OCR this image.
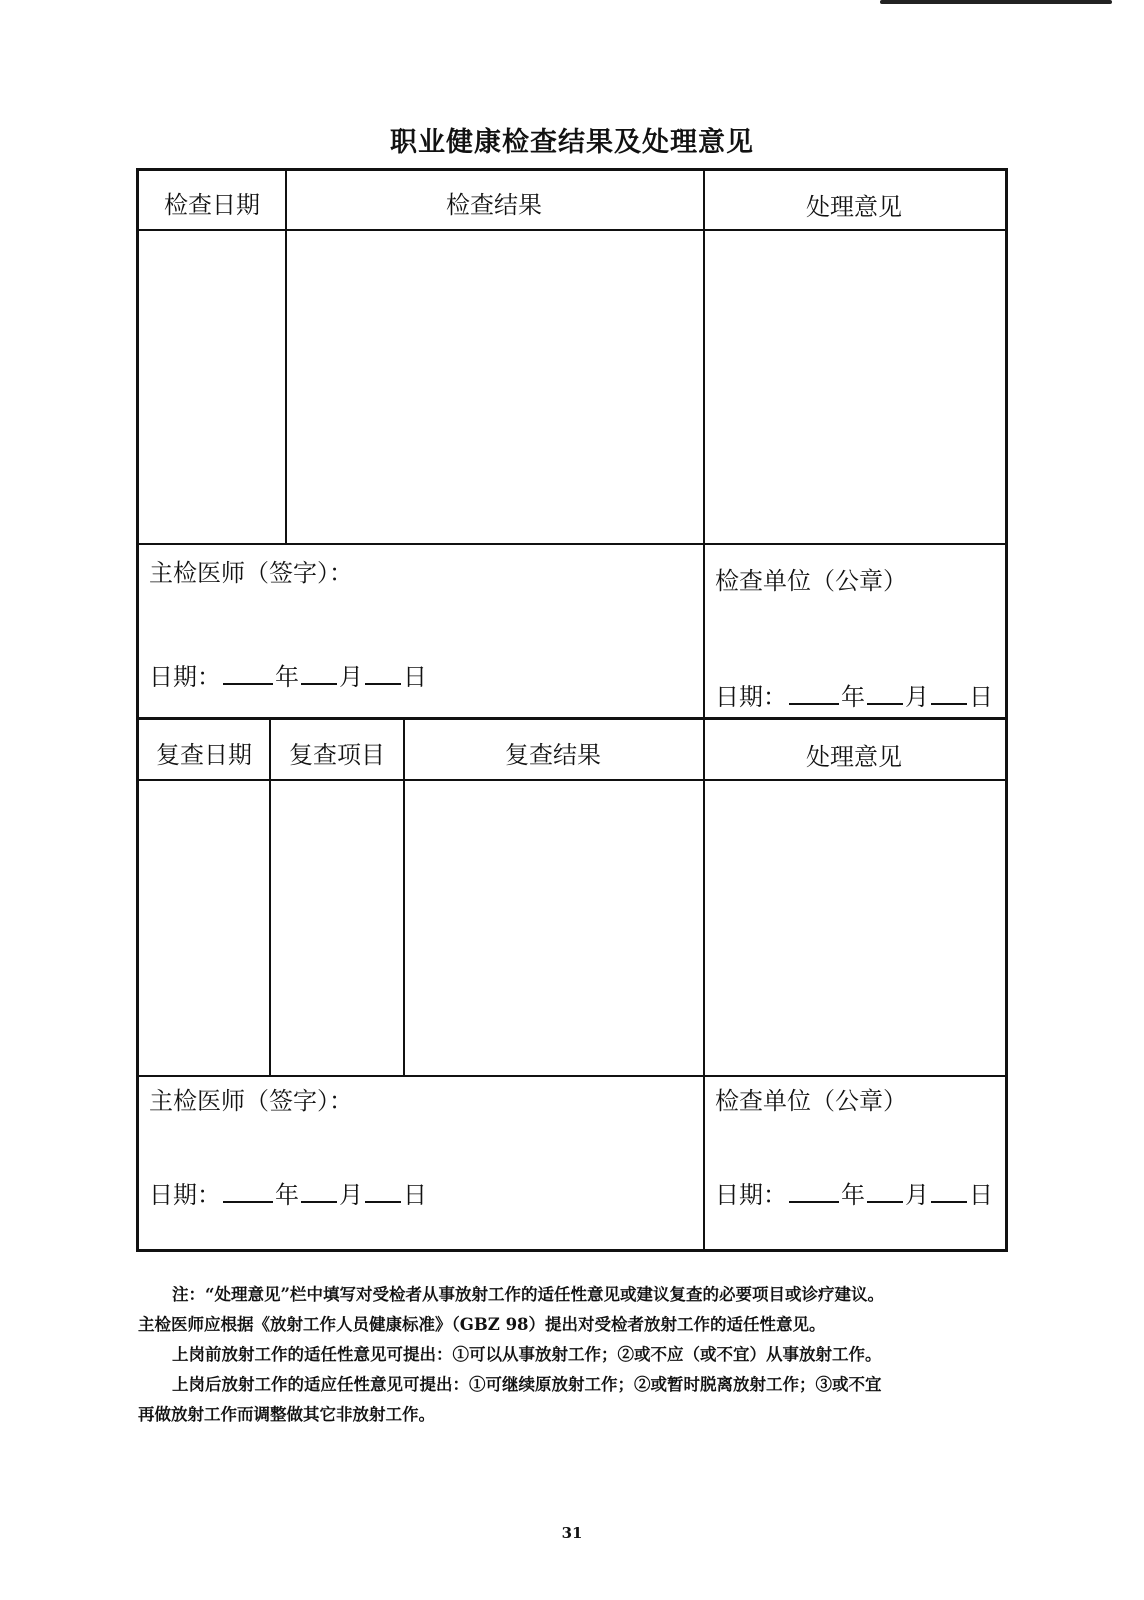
职业健康检查结果及处理意见
检查日期	检查结果	处理意见
主检医师（签字）：
日期： 年 月 日
检查单位（公章）
日期： 年 月 日
复查日期	复查项目	复查结果	处理意见
主检医师（签字）：
日期： 年 月 日
检查单位（公章）
日期： 年 月 日

注：“处理意见”栏中填写对受检者从事放射工作的适任性意见或建议复查的必要项目或诊疗建议。

主检医师应根据《放射工作人员健康标准》（GBZ 98）提出对受检者放射工作的适任性意见。

上岗前放射工作的适任性意见可提出：①可以从事放射工作；②或不应（或不宜）从事放射工作。

上岗后放射工作的适应任性意见可提出：①可继续原放射工作；②或暂时脱离放射工作；③或不宜

再做放射工作而调整做其它非放射工作。

31
